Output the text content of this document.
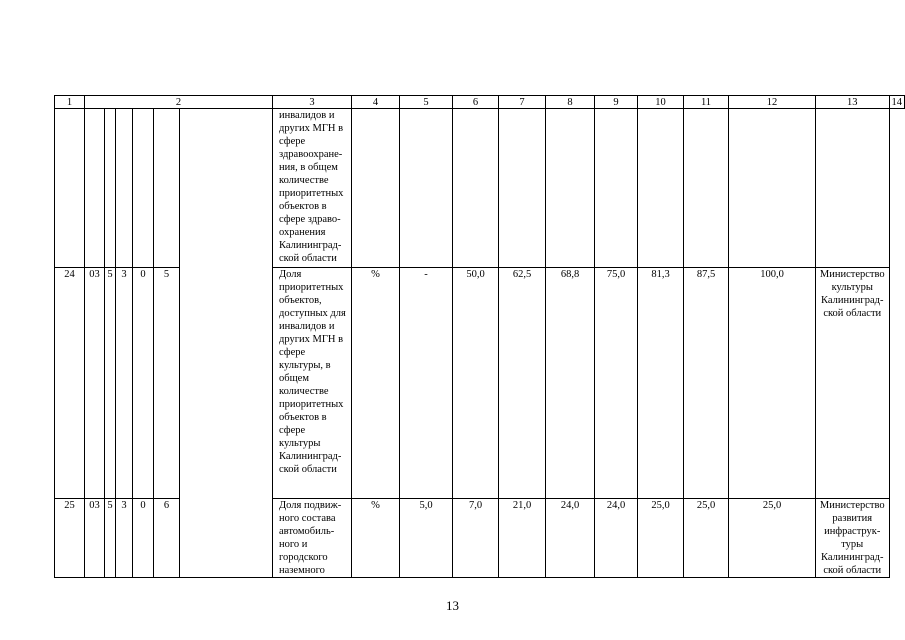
1	2						3	4	5	6	7	8	9	10	11	12	13	14
							инвалидов и других МГН в сфере здравоохране-ния, в общем количестве приоритетных объектов в сфере здраво-охранения Калининград-ской области											
24	03	5	3	0	5		Доля приоритетных объектов, доступных для инвалидов и других МГН в сфере культуры, в общем количестве приоритетных объектов в сфере культуры Калининград-ской области	%	-	50,0	62,5	68,8	75,0	81,3	87,5	100,0	Министерство культуры Калининград-ской области	
25	03	5	3	0	6		Доля подвиж-ного состава автомобиль-ного и городского наземного	%	5,0	7,0	21,0	24,0	24,0	25,0	25,0	25,0	Министерство развития инфраструк-туры Калининград-ской области	
13
